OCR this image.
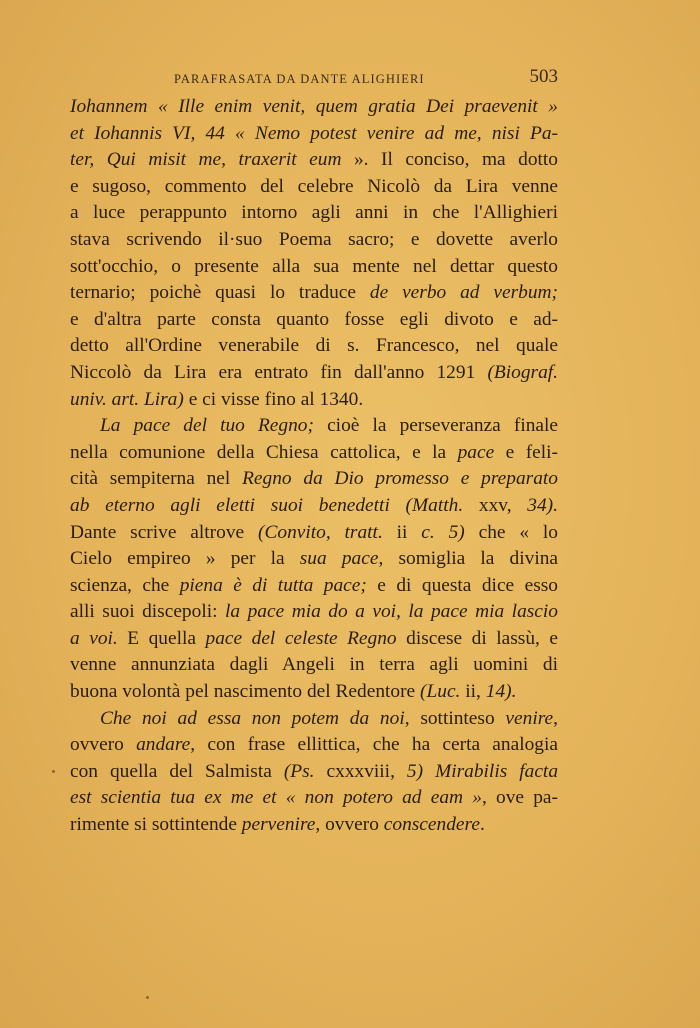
PARAFRASATA DA DANTE ALIGHIERI	503
Iohannem « Ille enim venit, quem gratia Dei praevenit »
et Iohannis VI, 44 « Nemo potest venire ad me, nisi Pa-
ter, Qui misit me, traxerit eum ». Il conciso, ma dotto
e sugoso, commento del celebre Nicolò da Lira venne
a luce perappunto intorno agli anni in che l'Allighieri
stava scrivendo il·suo Poema sacro; e dovette averlo
sott'occhio, o presente alla sua mente nel dettar questo
ternario; poichè quasi lo traduce de verbo ad verbum;
e d'altra parte consta quanto fosse egli divoto e ad-
detto all'Ordine venerabile di s. Francesco, nel quale
Niccolò da Lira era entrato fin dall'anno 1291 (Biograf.
univ. art. Lira) e ci visse fino al 1340.
La pace del tuo Regno; cioè la perseveranza finale
nella comunione della Chiesa cattolica, e la pace e feli-
cità sempiterna nel Regno da Dio promesso e preparato
ab eterno agli eletti suoi benedetti (Matth. xxv, 34).
Dante scrive altrove (Convito, tratt. ii c. 5) che « lo
Cielo empireo » per la sua pace, somiglia la divina
scienza, che piena è di tutta pace; e di questa dice esso
alli suoi discepoli: la pace mia do a voi, la pace mia lascio
a voi. E quella pace del celeste Regno discese di lassù, e
venne annunziata dagli Angeli in terra agli uomini di
buona volontà pel nascimento del Redentore (Luc. ii, 14).
Che noi ad essa non potem da noi, sottinteso venire,
ovvero andare, con frase ellittica, che ha certa analogia
con quella del Salmista (Ps. cxxxviii, 5) Mirabilis facta
est scientia tua ex me et « non potero ad eam », ove pa-
rimente si sottintende pervenire, ovvero conscendere.
